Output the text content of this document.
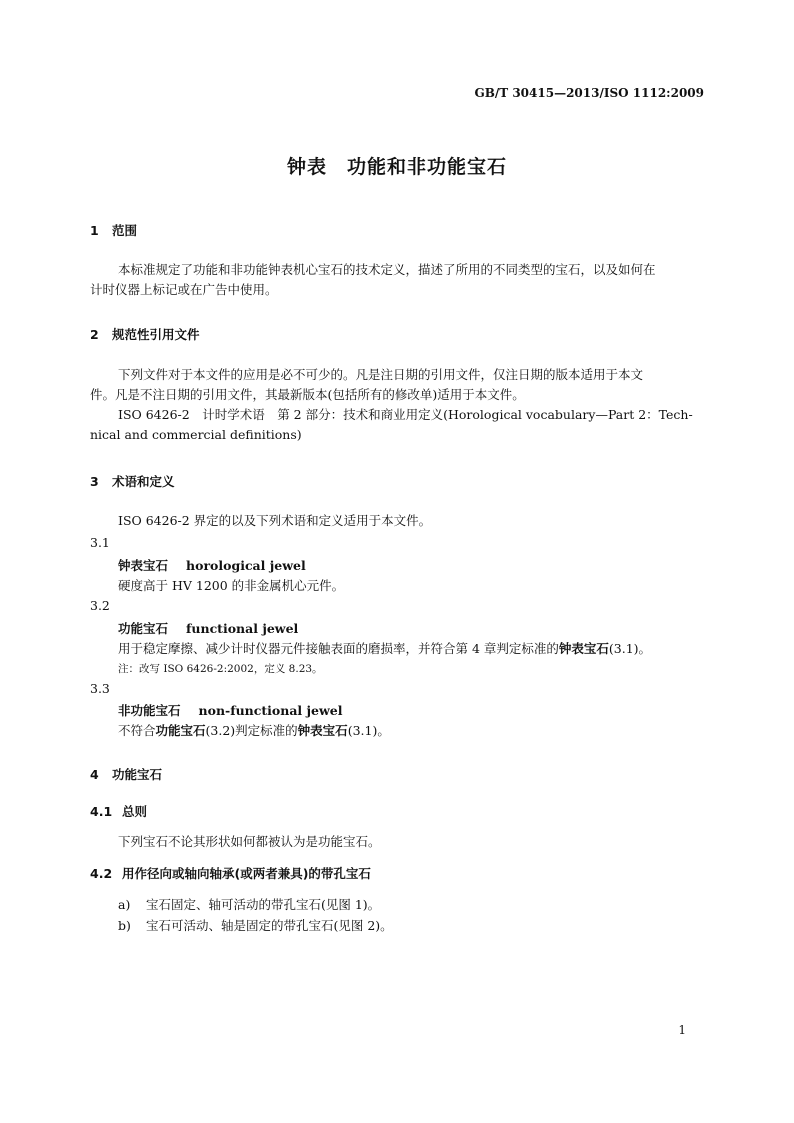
GB/T 30415—2013/ISO 1112:2009
钟表　功能和非功能宝石
1 范围
本标准规定了功能和非功能钟表机心宝石的技术定义，描述了所用的不同类型的宝石，以及如何在
计时仪器上标记或在广告中使用。
2 规范性引用文件
下列文件对于本文件的应用是必不可少的。凡是注日期的引用文件，仅注日期的版本适用于本文
件。凡是不注日期的引用文件，其最新版本(包括所有的修改单)适用于本文件。
ISO 6426-2　计时学术语　第 2 部分：技术和商业用定义(Horological vocabulary—Part 2：Tech-
nical and commercial definitions)
3 术语和定义
ISO 6426-2 界定的以及下列术语和定义适用于本文件。
3.1
钟表宝石 horological jewel
硬度高于 HV 1200 的非金属机心元件。
3.2
功能宝石 functional jewel
用于稳定摩擦、减少计时仪器元件接触表面的磨损率，并符合第 4 章判定标准的钟表宝石(3.1)。
注：改写 ISO 6426-2:2002，定义 8.23。
3.3
非功能宝石 non-functional jewel
不符合功能宝石(3.2)判定标准的钟表宝石(3.1)。
4 功能宝石
4.1 总则
下列宝石不论其形状如何都被认为是功能宝石。
4.2 用作径向或轴向轴承(或两者兼具)的带孔宝石
a) 宝石固定、轴可活动的带孔宝石(见图 1)。
b) 宝石可活动、轴是固定的带孔宝石(见图 2)。
1
